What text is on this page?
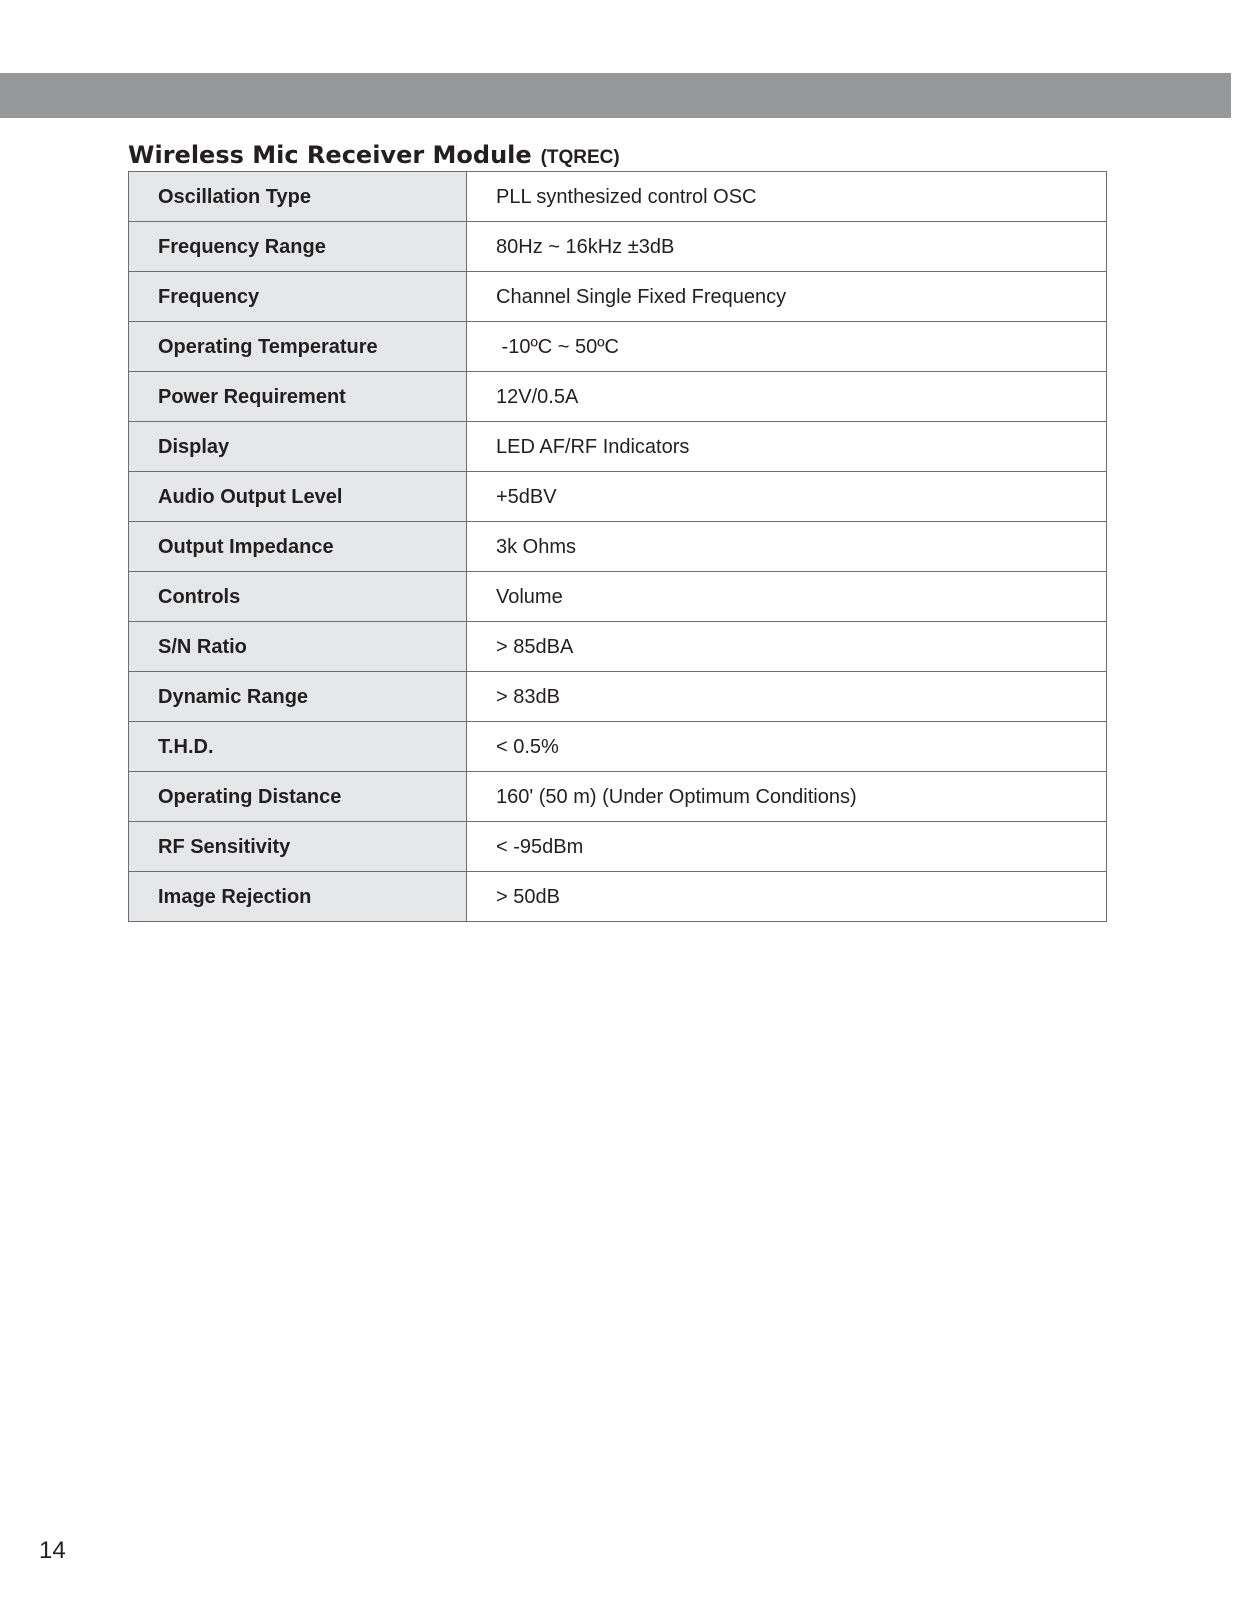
Wireless Mic Receiver Module (TQREC)
Oscillation Type	PLL synthesized control OSC
Frequency Range	80Hz ~ 16kHz ±3dB
Frequency	Channel Single Fixed Frequency
Operating Temperature	-10ºC ~ 50ºC
Power Requirement	12V/0.5A
Display	LED AF/RF Indicators
Audio Output Level	+5dBV
Output Impedance	3k Ohms
Controls	Volume
S/N Ratio	> 85dBA
Dynamic Range	> 83dB
T.H.D.	< 0.5%
Operating Distance	160' (50 m) (Under Optimum Conditions)
RF Sensitivity	< -95dBm
Image Rejection	> 50dB
14
